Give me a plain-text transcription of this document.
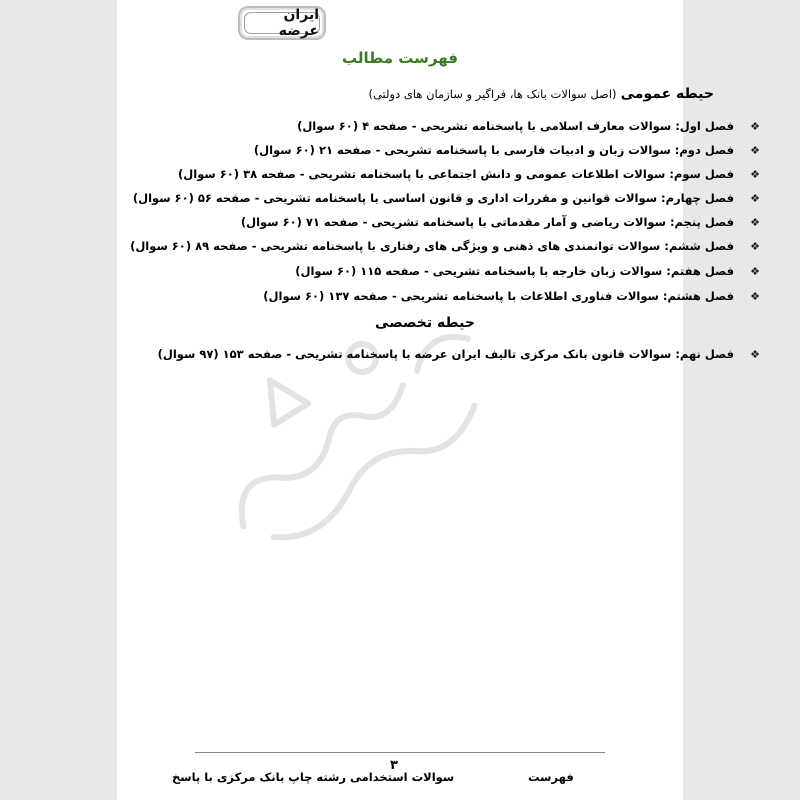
ایران عرضه
فهرست مطالب
حیطه عمومی (اصل سوالات بانک ها، فراگیر و سازمان های دولتی)
❖فصل اول: سوالات معارف اسلامی با پاسخنامه تشریحی - صفحه ۴ (۶۰ سوال)
❖فصل دوم: سوالات زبان و ادبیات فارسی با پاسخنامه تشریحی - صفحه ۲۱ (۶۰ سوال)
❖فصل سوم: سوالات اطلاعات عمومی و دانش اجتماعی با پاسخنامه تشریحی - صفحه ۳۸ (۶۰ سوال)
❖فصل چهارم: سوالات قوانین و مقررات اداری و قانون اساسی با پاسخنامه تشریحی - صفحه ۵۶ (۶۰ سوال)
❖فصل پنجم: سوالات ریاضی و آمار مقدماتی با پاسخنامه تشریحی - صفحه ۷۱ (۶۰ سوال)
❖فصل ششم: سوالات توانمندی های ذهنی و ویژگی های رفتاری با پاسخنامه تشریحی - صفحه ۸۹ (۶۰ سوال)
❖فصل هفتم: سوالات زبان خارجه با پاسخنامه تشریحی - صفحه ۱۱۵ (۶۰ سوال)
❖فصل هشتم: سوالات فناوری اطلاعات با پاسخنامه تشریحی - صفحه ۱۳۷ (۶۰ سوال)
حیطه تخصصی
❖فصل نهم: سوالات قانون بانک مرکزی تالیف ایران عرضه با پاسخنامه تشریحی - صفحه ۱۵۳ (۹۷ سوال)
۳
فهرست
سوالات استخدامی رشته چاپ بانک مرکزی با پاسخ
